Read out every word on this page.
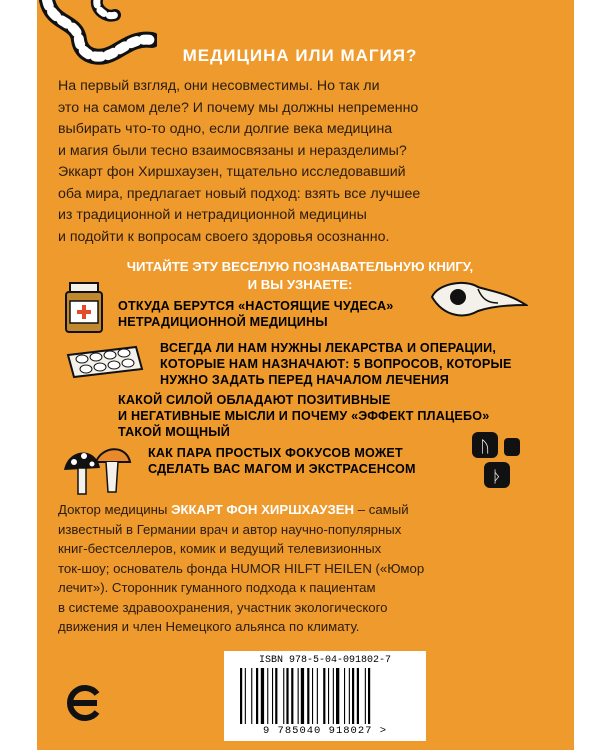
МЕДИЦИНА ИЛИ МАГИЯ?
На первый взгляд, они несовместимы. Но так ли
это на самом деле? И почему мы должны непременно
выбирать что-то одно, если долгие века медицина
и магия были тесно взаимосвязаны и неразделимы?
Эккарт фон Хиршхаузен, тщательно исследовавший
оба мира, предлагает новый подход: взять все лучшее
из традиционной и нетрадиционной медицины
и подойти к вопросам своего здоровья осознанно.
ЧИТАЙТЕ ЭТУ ВЕСЕЛУЮ ПОЗНАВАТЕЛЬНУЮ КНИГУ,
И ВЫ УЗНАЕТЕ:
ᚢ
ᚦ
ОТКУДА БЕРУТСЯ «НАСТОЯЩИЕ ЧУДЕСА»
НЕТРАДИЦИОННОЙ МЕДИЦИНЫ
ВСЕГДА ЛИ НАМ НУЖНЫ ЛЕКАРСТВА И ОПЕРАЦИИ,
КОТОРЫЕ НАМ НАЗНАЧАЮТ: 5 ВОПРОСОВ, КОТОРЫЕ
НУЖНО ЗАДАТЬ ПЕРЕД НАЧАЛОМ ЛЕЧЕНИЯ
КАКОЙ СИЛОЙ ОБЛАДАЮТ ПОЗИТИВНЫЕ
И НЕГАТИВНЫЕ МЫСЛИ И ПОЧЕМУ «ЭФФЕКТ ПЛАЦЕБО»
ТАКОЙ МОЩНЫЙ
КАК ПАРА ПРОСТЫХ ФОКУСОВ МОЖЕТ
СДЕЛАТЬ ВАС МАГОМ И ЭКСТРАСЕНСОМ
Доктор медицины ЭККАРТ ФОН ХИРШХАУЗЕН – самый
известный в Германии врач и автор научно-популярных
книг-бестселлеров, комик и ведущий телевизионных
ток-шоу; основатель фонда HUMOR HILFT HEILEN («Юмор
лечит»). Сторонник гуманного подхода к пациентам
в системе здравоохранения, участник экологического
движения и член Немецкого альянса по климату.
ISBN 978-5-04-091802-7
9 785040 918027 >
